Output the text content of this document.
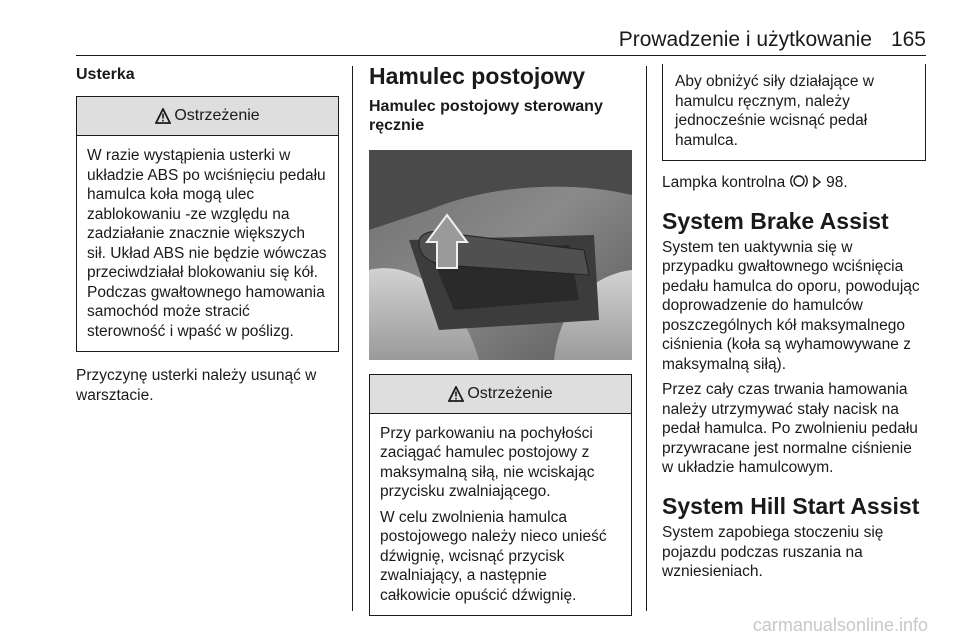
Prowadzenie i użytkowanie 165
Usterka
Ostrzeżenie

W razie wystąpienia usterki w układzie ABS po wciśnięciu pedału hamulca koła mogą ulec zablokowaniu -ze względu na zadziałanie znacznie większych sił. Układ ABS nie będzie wówczas przeciwdziałał blokowaniu się kół. Podczas gwałtownego hamowania samochód może stracić sterowność i wpaść w poślizg.

Przyczynę usterki należy usunąć w warsztacie.

Hamulec postojowy
Hamulec postojowy sterowany ręcznie
Ostrzeżenie

Przy parkowaniu na pochyłości zaciągać hamulec postojowy z maksymalną siłą, nie wciskając przycisku zwalniającego.

W celu zwolnienia hamulca postojowego należy nieco unieść dźwignię, wcisnąć przycisk zwalniający, a następnie całkowicie opuścić dźwignię.

Aby obniżyć siły działające w hamulcu ręcznym, należy jednocześnie wcisnąć pedał hamulca.

Lampka kontrolna	98.

System Brake Assist

System ten uaktywnia się w przypadku gwałtownego wciśnięcia pedału hamulca do oporu, powodując doprowadzenie do hamulców poszczególnych kół maksymalnego ciśnienia (koła są wyhamowywane z maksymalną siłą).

Przez cały czas trwania hamowania należy utrzymywać stały nacisk na pedał hamulca. Po zwolnieniu pedału przywracane jest normalne ciśnienie w układzie hamulcowym.

System Hill Start Assist

System zapobiega stoczeniu się pojazdu podczas ruszania na wzniesieniach.

carmanualsonline.info
